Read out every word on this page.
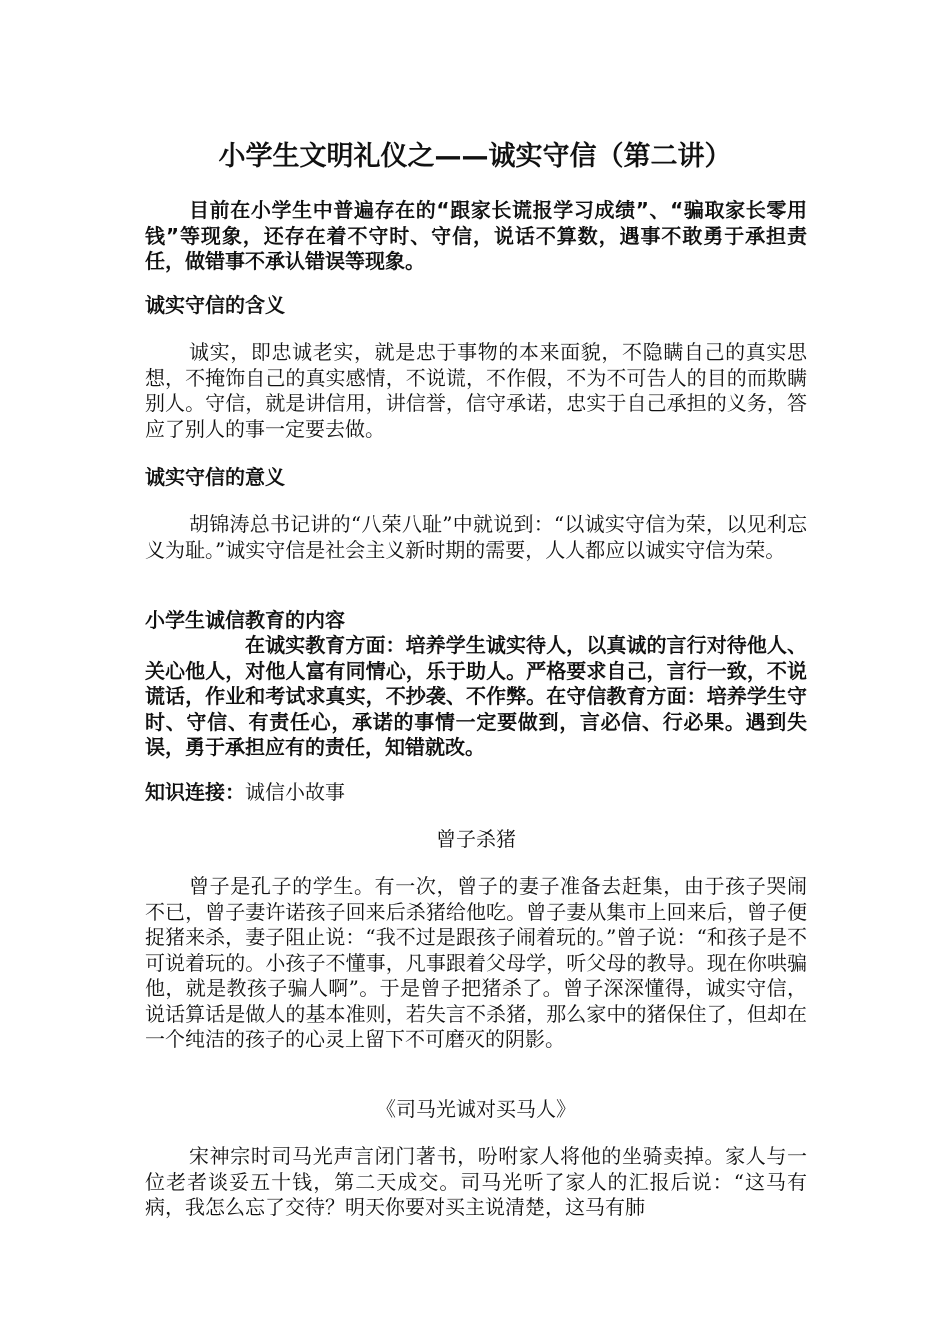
小学生文明礼仪之——诚实守信（第二讲）

目前在小学生中普遍存在的“跟家长谎报学习成绩”、“骗取家长零用钱”等现象，还存在着不守时、守信，说话不算数，遇事不敢勇于承担责任，做错事不承认错误等现象。

诚实守信的含义

诚实，即忠诚老实，就是忠于事物的本来面貌，不隐瞒自己的真实思想，不掩饰自己的真实感情，不说谎，不作假，不为不可告人的目的而欺瞒别人。守信，就是讲信用，讲信誉，信守承诺，忠实于自己承担的义务，答应了别人的事一定要去做。

诚实守信的意义

胡锦涛总书记讲的“八荣八耻”中就说到：“以诚实守信为荣，以见利忘义为耻。”诚实守信是社会主义新时期的需要，人人都应以诚实守信为荣。

小学生诚信教育的内容

在诚实教育方面：培养学生诚实待人，以真诚的言行对待他人、关心他人，对他人富有同情心，乐于助人。严格要求自己，言行一致，不说谎话，作业和考试求真实，不抄袭、不作弊。在守信教育方面：培养学生守时、守信、有责任心，承诺的事情一定要做到，言必信、行必果。遇到失误，勇于承担应有的责任，知错就改。

知识连接：诚信小故事

曾子杀猪

曾子是孔子的学生。有一次，曾子的妻子准备去赶集，由于孩子哭闹不已，曾子妻许诺孩子回来后杀猪给他吃。曾子妻从集市上回来后，曾子便捉猪来杀，妻子阻止说：“我不过是跟孩子闹着玩的。”曾子说：“和孩子是不可说着玩的。小孩子不懂事，凡事跟着父母学，听父母的教导。现在你哄骗他，就是教孩子骗人啊”。于是曾子把猪杀了。曾子深深懂得，诚实守信，说话算话是做人的基本准则，若失言不杀猪，那么家中的猪保住了，但却在一个纯洁的孩子的心灵上留下不可磨灭的阴影。

《司马光诚对买马人》

宋神宗时司马光声言闭门著书，吩咐家人将他的坐骑卖掉。家人与一位老者谈妥五十钱，第二天成交。司马光听了家人的汇报后说：“这马有病，我怎么忘了交待？明天你要对买主说清楚，这马有肺
